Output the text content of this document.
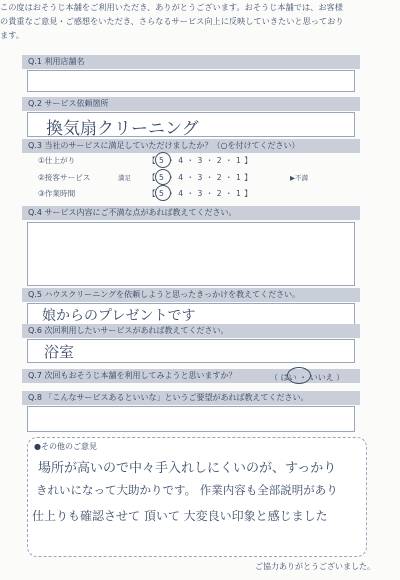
この度はおそうじ本舗をご利用いただき、ありがとうございます。おそうじ本舗では、お客様の貴重なご意見・ご感想をいただき、さらなるサービス向上に反映していきたいと思っております。
Q.1 利用店舗名
Q.2 サービス依頼箇所
換気扇クリーニング
Q.3 当社のサービスに満足していただけましたか？（○を付けてください）
①仕上がり	【 5 ・ 4 ・ 3 ・ 2 ・ 1 】
②接客サービス	満足 【 5 ・ 4 ・ 3 ・ 2 ・ 1 】	▶不満
③作業時間	【 5 ・ 4 ・ 3 ・ 2 ・ 1 】
Q.4 サービス内容にご不満な点があれば教えてください。
Q.5 ハウスクリーニングを依頼しようと思ったきっかけを教えてください。
娘からのプレゼントです
Q.6 次回利用したいサービスがあれば教えてください。
浴室
Q.7 次回もおそうじ本舗を利用してみようと思いますか？	（ はい ・ いいえ ）
Q.8 「こんなサービスあるといいな」というご要望があれば教えてください。
●その他のご意見
場所が高いので中々手入れしにくいのが、すっかり
きれいになって大助かりです。 作業内容も全部説明があり
仕上りも確認させて 頂いて 大変良い印象と感じました
ご協力ありがとうございました。
